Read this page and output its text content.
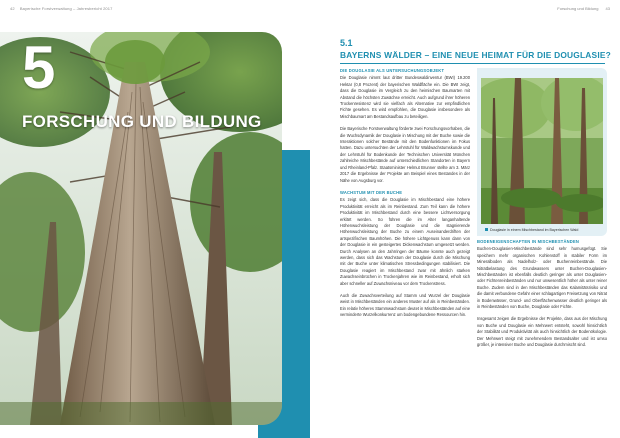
42 Bayerische Forstverwaltung – Jahresbericht 2017
5
FORSCHUNG UND BILDUNG
Forschung und Bildung 43
5.1
BAYERNS WÄLDER – EINE NEUE HEIMAT FÜR DIE DOUGLASIE?
DIE DOUGLASIE ALS UNTERSUCHUNGSOBJEKT

Die Douglasie nimmt laut dritter Bundeswaldinventur (BWI) 19.200 Hektar (0,8 Prozent) der bayerischen Waldfläche ein. Die BWI zeigt, dass die Douglasie im Vergleich zu den heimischen Baumarten mit Abstand die höchsten Zuwächse erreicht. Auch aufgrund ihrer höheren Trockenresistenz wird sie vielfach als Alternative zur empfindlichen Fichte gesehen. Es wird empfohlen, die Douglasie insbesondere als Mischbaumart am Bestandsaufbau zu beteiligen.

Die Bayerische Forstverwaltung förderte zwei Forschungsvorhaben, die die Wuchsdynamik der Douglasie in Mischung mit der Buche sowie die Interaktionen solcher Bestände mit den Bodenfunktionen im Fokus hatten. Dazu untersuchten der Lehrstuhl für Waldwachstumskunde und der Lehrstuhl für Bodenkunde der Technischen Universität München zahlreiche Mischbestände auf unterschiedlichen Standorten in Bayern und Rheinland-Pfalz. Staatsminister Helmut Brunner stellte am 3. März 2017 die Ergebnisse der Projekte am Beispiel eines Bestandes in der Nähe von Augsburg vor.

WACHSTUM MIT DER BUCHE

Es zeigt sich, dass die Douglasie im Mischbestand eine höhere Produktivität erreicht als im Reinbestand. Zum Teil kann die höhere Produktivität im Mischbestand durch eine bessere Lichtversorgung erklärt werden. So führen die im Alter langanhaltende Höhenwuchsleistung der Douglasie und die stagnierende Höhenwuchsleistung der Buche zu einem Auseinanderdriften der artspezifischen Baumhöhen. Die höhere Lichtgenuss kann dann von der Douglasie in ein gesteigertes Dickenwachstum umgesetzt werden. Durch Analysen an den Jahrringen der Bäume konnte auch gezeigt werden, dass sich das Wachstum der Douglasie durch die Mischung mit der Buche unter klimatischen Stressbedingungen stabilisiert. Die Douglasie reagiert im Mischbestand zwar mit ähnlich starken Zuwachseinbrüchen in Trockenjahren wie im Reinbestand, erholt sich aber schneller auf Zuwachsniveau vor dem Trockenstress.

Auch die Zuwachsverteilung auf Stamm und Wurzel der Douglasie weist in Mischbeständen ein anderes Muster auf als in Reinbeständen. Ein relativ höheres Stammwachstum deutet in Mischbeständen auf eine verminderte Wurzelkonkurrenz um bodengebundene Ressourcen hin.

Douglasie in einem Mischbestand im Bayerischen Wald
BODENEIGENSCHAFTEN IN MISCHBESTÄNDEN

Buchen-Douglasien-Mischbestände sind sehr humusgefügt. Sie speichern mehr organischen Kohlenstoff in stabiler Form im Mineralboden als Nadelholz- oder Buchenreinbestände. Die Nitratbelastung des Grundwassers unter Buchen-Douglasien-Mischbeständen ist ebenfalls deutlich geringer als unter Douglasien- oder Fichtenreinbeständen und nur unwesentlich höher als unter reiner Buche. Zudem sind in den Mischbeständen das Kalamitätsrisiko und die damit verbundene Gefahr einer schlagartigen Freisetzung von Nitrat in Bodenwässer, Grund- und Oberflächenwasser deutlich geringer als in Reinbeständen von Buche, Douglasie oder Fichte.

Insgesamt zeigen die Ergebnisse der Projekte, dass aus der Mischung von Buche und Douglasie ein Mehrwert entsteht, sowohl hinsichtlich der Stabilität und Produktivität als auch hinsichtlich der Bodenökologie. Der Mehrwert steigt mit zunehmendem Bestandsalter und ist umso größer, je intensiver Buche und Douglasie durchmischt sind.
